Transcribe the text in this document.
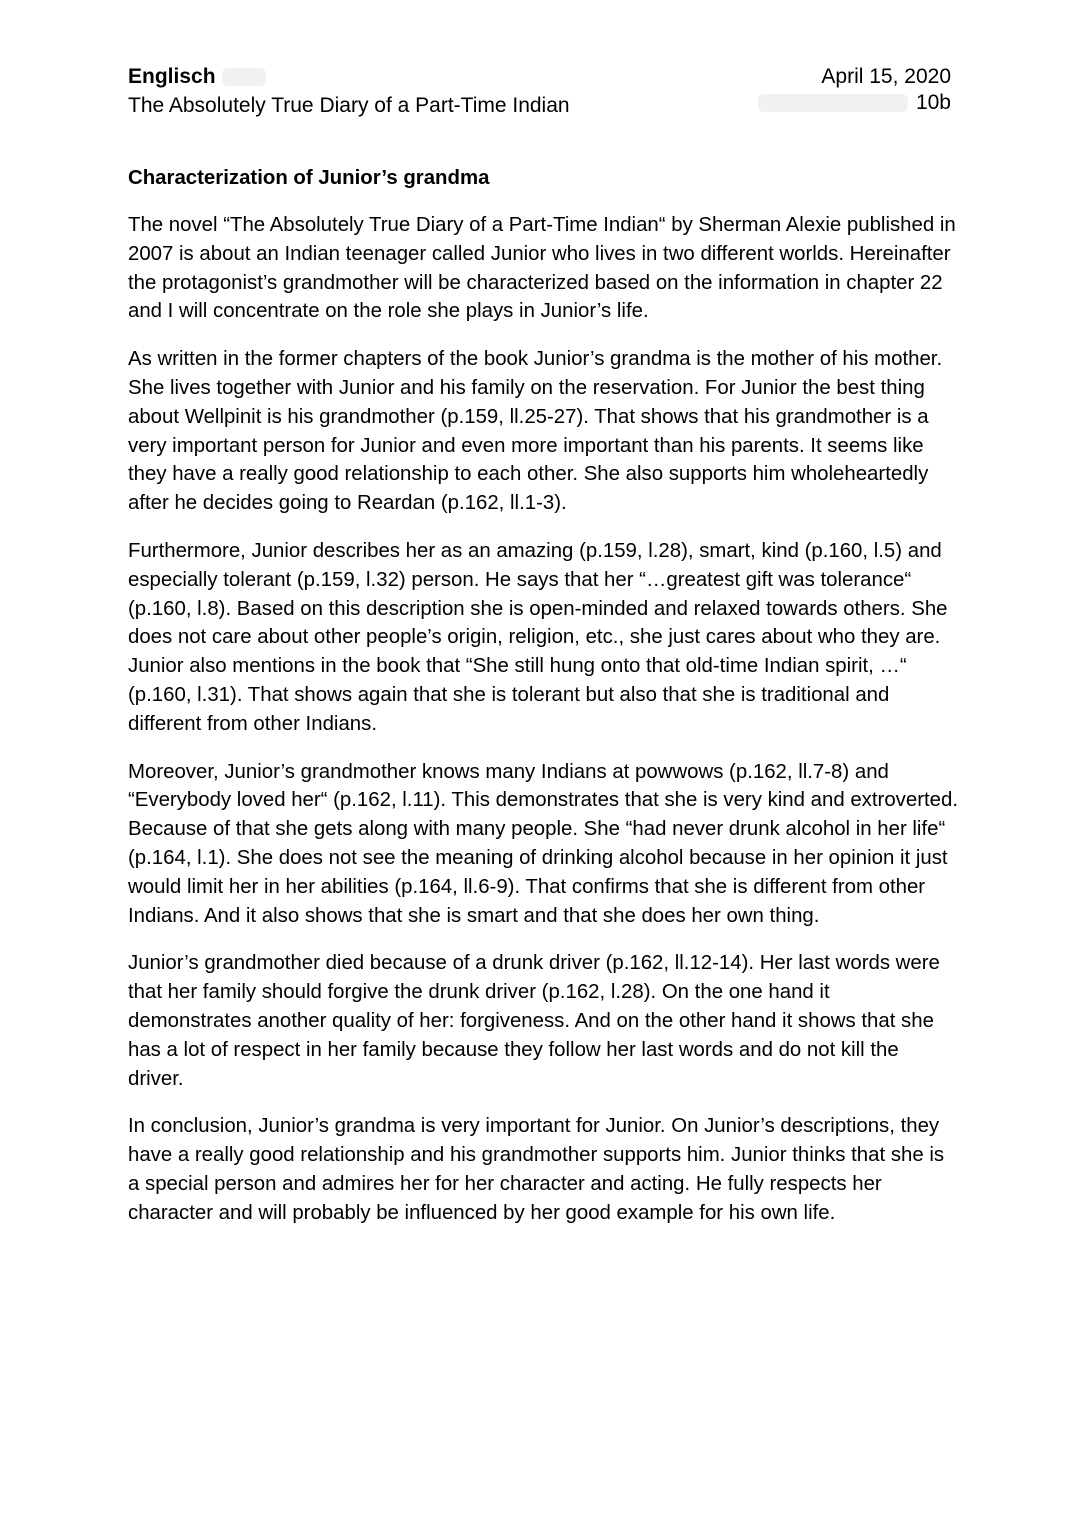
Englisch	April 15, 2020
The Absolutely True Diary of a Part-Time Indian	10b
Characterization of Junior’s grandma

The novel “The Absolutely True Diary of a Part-Time Indian“ by Sherman Alexie published in 2007 is about an Indian teenager called Junior who lives in two different worlds. Hereinafter the protagonist’s grandmother will be characterized based on the information in chapter 22 and I will concentrate on the role she plays in Junior’s life.

As written in the former chapters of the book Junior’s grandma is the mother of his mother. She lives together with Junior and his family on the reservation. For Junior the best thing about Wellpinit is his grandmother (p.159, ll.25-27). That shows that his grandmother is a very important person for Junior and even more important than his parents. It seems like they have a really good relationship to each other. She also supports him wholeheartedly after he decides going to Reardan (p.162, ll.1-3).

Furthermore, Junior describes her as an amazing (p.159, l.28), smart, kind (p.160, l.5) and especially tolerant (p.159, l.32) person. He says that her “…greatest gift was tolerance“ (p.160, l.8). Based on this description she is open-minded and relaxed towards others. She does not care about other people’s origin, religion, etc., she just cares about who they are. Junior also mentions in the book that “She still hung onto that old-time Indian spirit, …“ (p.160, l.31). That shows again that she is tolerant but also that she is traditional and different from other Indians.

Moreover, Junior’s grandmother knows many Indians at powwows (p.162, ll.7-8) and “Everybody loved her“ (p.162, l.11). This demonstrates that she is very kind and extroverted. Because of that she gets along with many people. She “had never drunk alcohol in her life“ (p.164, l.1). She does not see the meaning of drinking alcohol because in her opinion it just would limit her in her abilities (p.164, ll.6-9). That confirms that she is different from other Indians. And it also shows that she is smart and that she does her own thing.

Junior’s grandmother died because of a drunk driver (p.162, ll.12-14). Her last words were that her family should forgive the drunk driver (p.162, l.28). On the one hand it demonstrates another quality of her: forgiveness. And on the other hand it shows that she has a lot of respect in her family because they follow her last words and do not kill the driver.

In conclusion, Junior’s grandma is very important for Junior. On Junior’s descriptions, they have a really good relationship and his grandmother supports him. Junior thinks that she is a special person and admires her for her character and acting. He fully respects her character and will probably be influenced by her good example for his own life.
